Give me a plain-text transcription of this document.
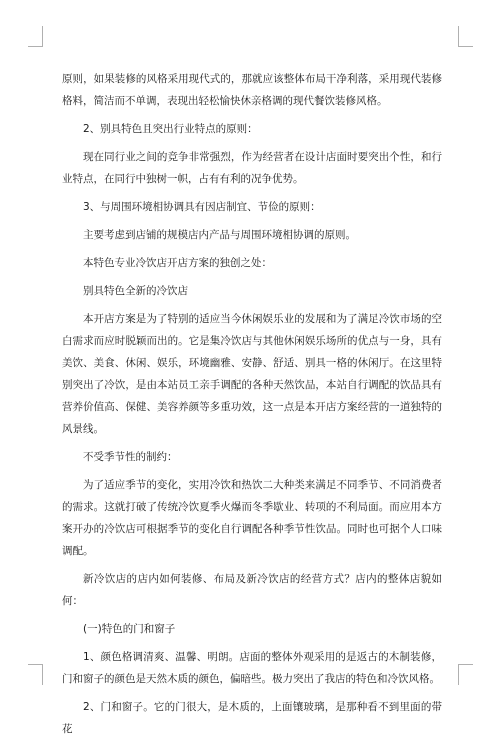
原则，如果装修的风格采用现代式的，那就应该整体布局干净利落，采用现代装修格料，简洁而不单调，表现出轻松愉快休亲格调的现代餐饮装修风格。

2、别具特色且突出行业特点的原则：

现在同行业之间的竞争非常强烈，作为经营者在设计店面时要突出个性，和行业特点，在同行中独树一帜，占有有利的况争优势。

3、与周围环境相协调具有因店制宜、节俭的原则：

主要考虑到店铺的规模店内产品与周围环境相协调的原则。

本特色专业冷饮店开店方案的独创之处：

别具特色全新的冷饮店

本开店方案是为了特别的适应当今休闲娱乐业的发展和为了满足冷饮市场的空白需求而应时脱颖而出的。它是集冷饮店与其他休闲娱乐场所的优点与一身，具有美饮、美食、休闲、娱乐，环境幽雅、安静、舒适、别具一格的休闲厅。在这里特别突出了冷饮，是由本站员工亲手调配的各种天然饮品，本站自行调配的饮品具有营养价值高、保健、美容养颜等多重功效，这一点是本开店方案经营的一道独特的风景线。

不受季节性的制约：

为了适应季节的变化，实用冷饮和热饮二大种类来满足不同季节、不同消费者的需求。这就打破了传统冷饮夏季火爆而冬季歇业、转项的不利局面。而应用本方案开办的冷饮店可根据季节的变化自行调配各种季节性饮品。同时也可据个人口味调配。

新冷饮店的店内如何装修、布局及新冷饮店的经营方式？店内的整体店貌如何：

(一)特色的门和窗子

1、颜色格调清爽、温馨、明朗。店面的整体外观采用的是返古的木制装修，门和窗子的颜色是天然木质的颜色，偏暗些。极力突出了我店的特色和冷饮风格。

2、门和窗子。它的门很大，是木质的，上面镶玻璃，是那种看不到里面的带花
